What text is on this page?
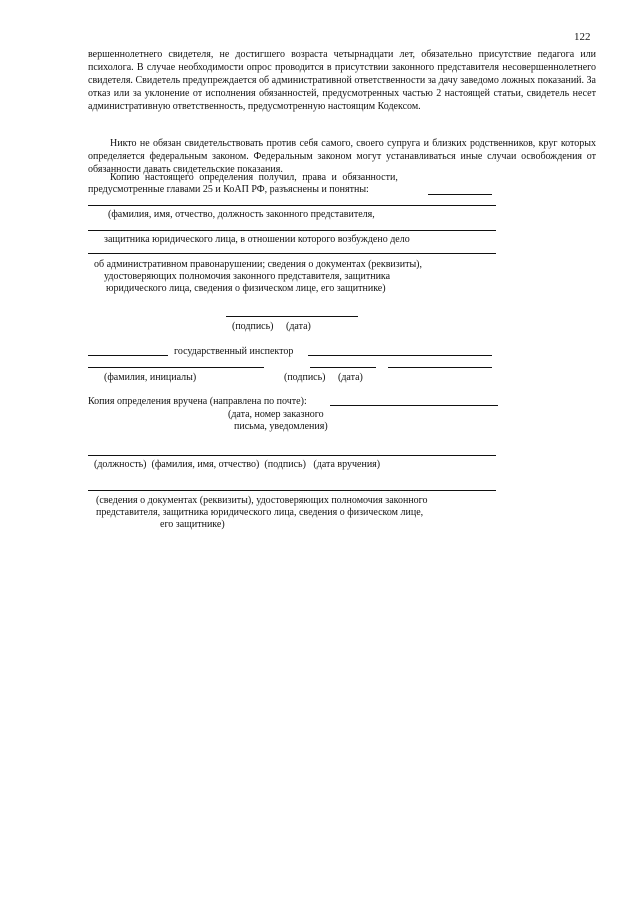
122
вершеннолетнего свидетеля, не достигшего возраста четырнадцати лет, обязательно присутствие педагога или психолога. В случае необходимости опрос проводится в присутствии законного представителя несовершеннолетнего свидетеля. Свидетель предупреждается об административной ответственности за дачу заведомо ложных показаний. За отказ или за уклонение от исполнения обязанностей, предусмотренных частью 2 настоящей статьи, свидетель несет административную ответственность, предусмотренную настоящим Кодексом.
Никто не обязан свидетельствовать против себя самого, своего супруга и близких родственников, круг которых определяется федеральным законом. Федеральным законом могут устанавливаться иные случаи освобождения от обязанности давать свидетельские показания.
Копию настоящего определения получил, права и обязанности,
предусмотренные главами 25 и КоАП РФ, разъяснены и понятны:
(фамилия, имя, отчество, должность законного представителя,
защитника юридического лица, в отношении которого возбуждено дело
об административном правонарушении; сведения о документах (реквизиты),
удостоверяющих полномочия законного представителя, защитника
юридического лица, сведения о физическом лице, его защитнике)
(подпись)     (дата)
государственный инспектор
(фамилия, инициалы)	(подпись)     (дата)
Копия определения вручена (направлена по почте):
(дата, номер заказного
письма, уведомления)
(должность)  (фамилия, имя, отчество)  (подпись)   (дата вручения)
(сведения о документах (реквизиты), удостоверяющих полномочия законного
представителя, защитника юридического лица, сведения о физическом лице,
его защитнике)
